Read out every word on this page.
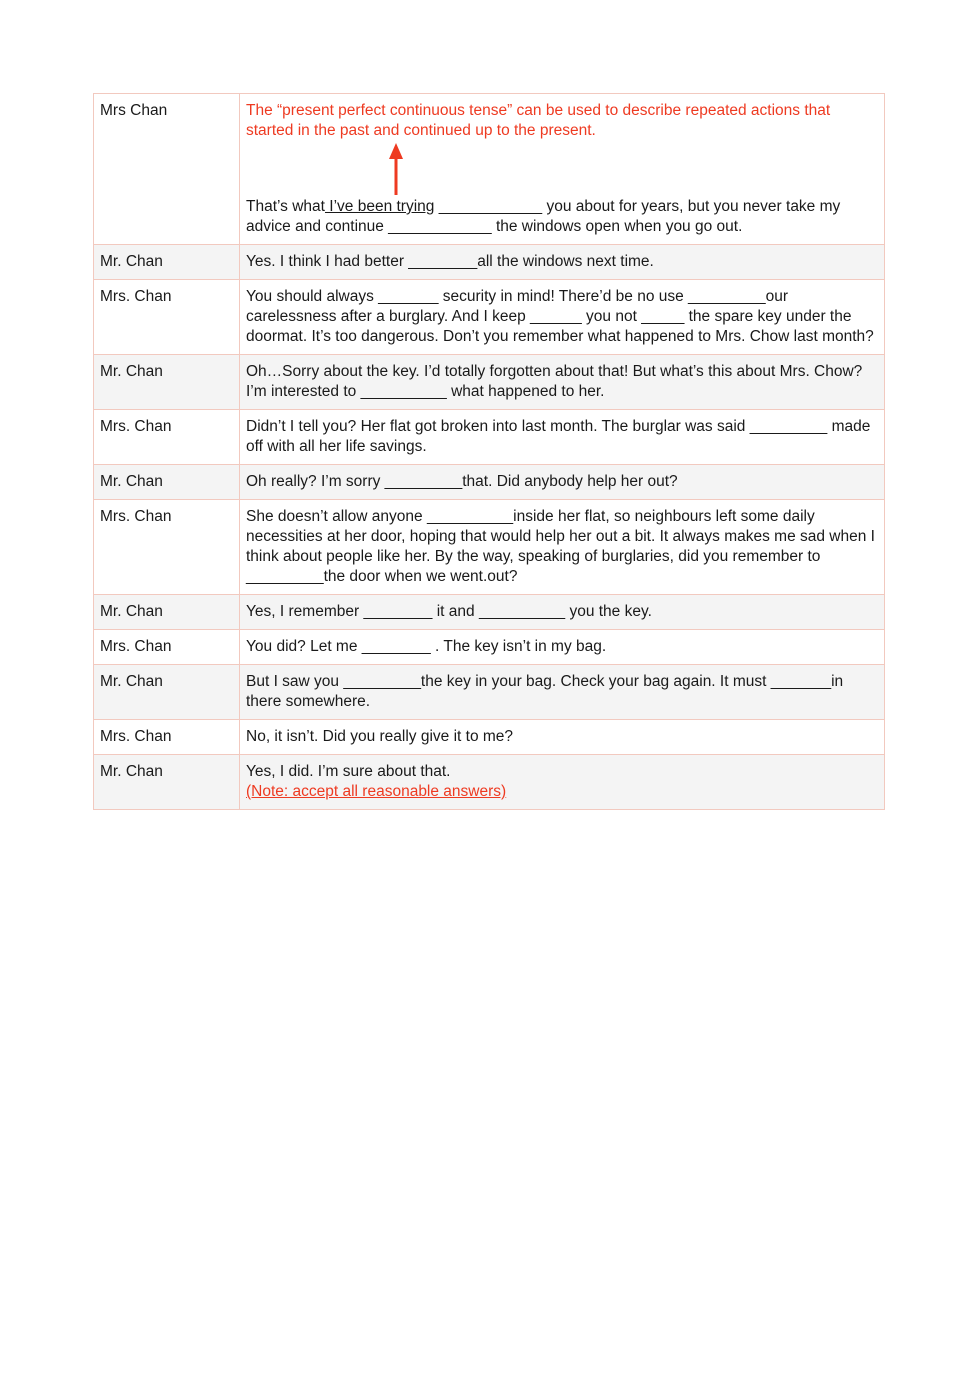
Mrs Chan	The “present perfect continuous tense” can be used to describe repeated actions that started in the past and continued up to the present.
That’s what I’ve been trying ____________ you about for years, but you never take my advice and continue ____________ the windows open when you go out.

Mr. Chan	Yes. I think I had better ________all the windows next time.
Mrs. Chan	You should always _______ security in mind! There’d be no use _________our carelessness after a burglary. And I keep ______ you not _____ the spare key under the doormat. It’s too dangerous. Don’t you remember what happened to Mrs. Chow last month?
Mr. Chan	Oh…Sorry about the key. I’d totally forgotten about that! But what’s this about Mrs. Chow? I’m interested to __________ what happened to her.
Mrs. Chan	Didn’t I tell you? Her flat got broken into last month. The burglar was said _________ made off with all her life savings.
Mr. Chan	Oh really? I’m sorry _________that. Did anybody help her out?
Mrs. Chan	She doesn’t allow anyone __________inside her flat, so neighbours left some daily necessities at her door, hoping that would help her out a bit. It always makes me sad when I think about people like her. By the way, speaking of burglaries, did you remember to _________the door when we went.out?
Mr. Chan	Yes, I remember ________ it and __________ you the key.
Mrs. Chan	You did? Let me ________ . The key isn’t in my bag.
Mr. Chan	But I saw you _________the key in your bag. Check your bag again. It must _______in there somewhere.
Mrs. Chan	No, it isn’t. Did you really give it to me?
Mr. Chan	Yes, I did. I’m sure about that.
(Note: accept all reasonable answers)
